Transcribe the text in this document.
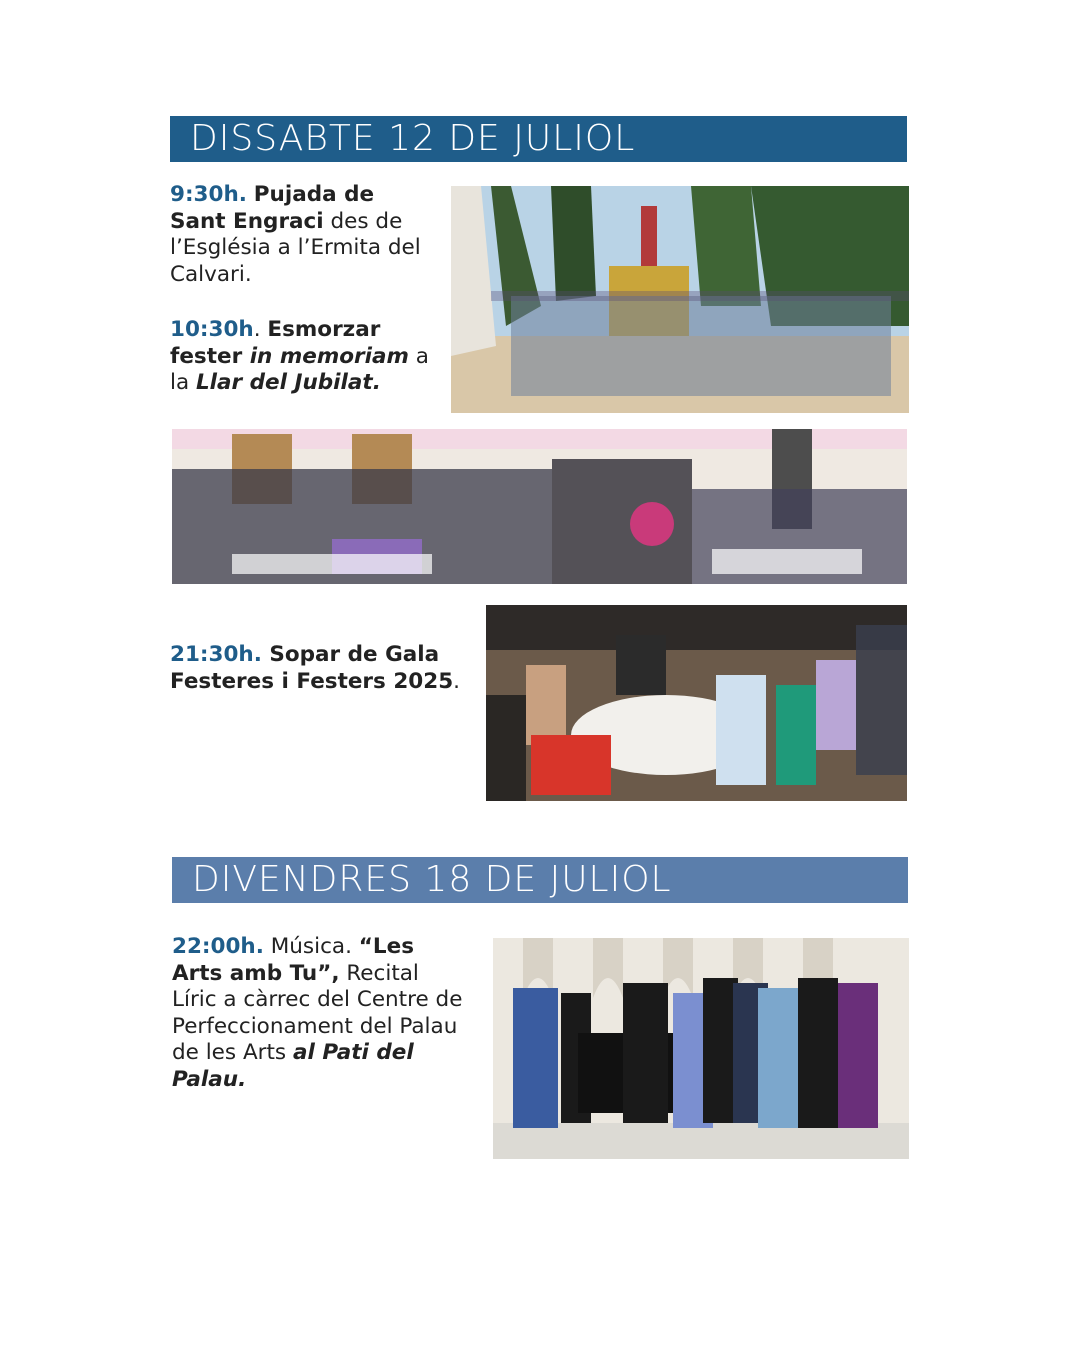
DISSABTE 12 DE JULIOL
9:30h. Pujada de Sant Engraci des de l’Església a l’Ermita del Calvari.
10:30h. Esmorzar fester in memoriam a la Llar del Jubilat.
21:30h. Sopar de Gala Festeres i Festers 2025.
DIVENDRES 18 DE JULIOL
22:00h. Música. “Les Arts amb Tu”, Recital Líric a càrrec del Centre de Perfeccionament del Palau de les Arts al Pati del Palau.
